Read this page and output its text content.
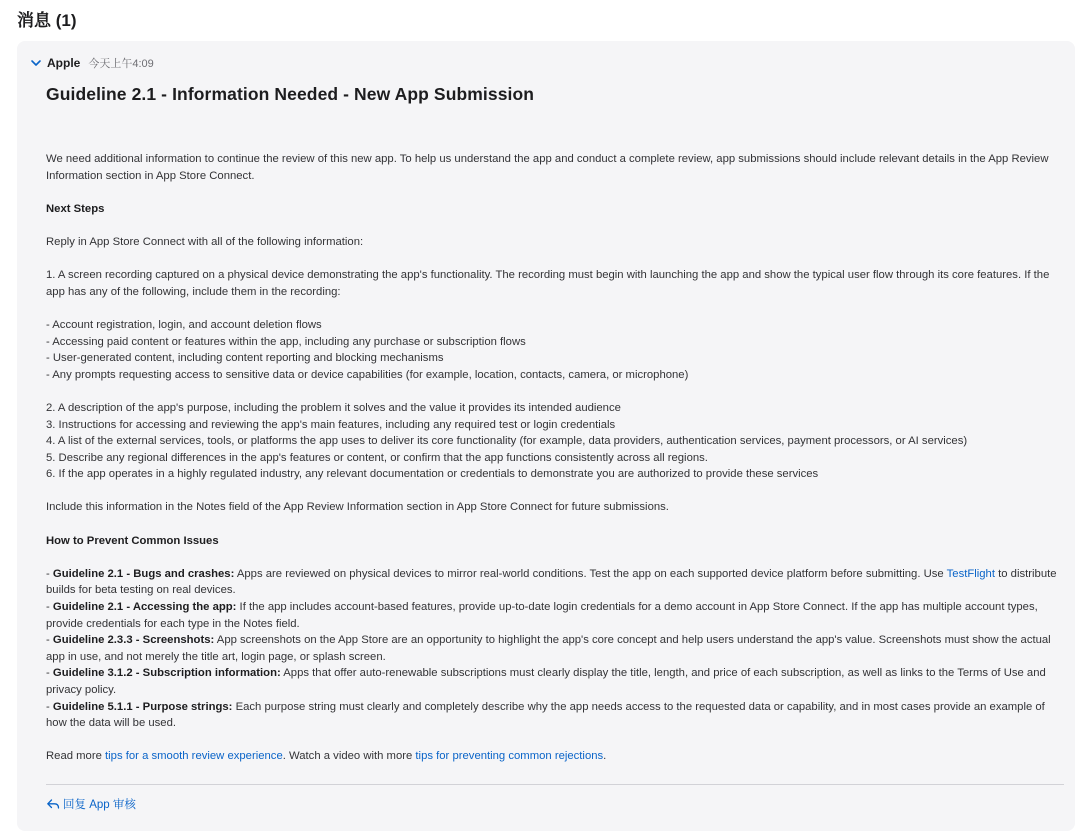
消息 (1)
Apple 今天上午4:09
Guideline 2.1 - Information Needed - New App Submission

We need additional information to continue the review of this new app. To help us understand the app and conduct a complete review, app submissions should include relevant details in the App Review Information section in App Store Connect.

Next Steps

Reply in App Store Connect with all of the following information:

1. A screen recording captured on a physical device demonstrating the app's functionality. The recording must begin with launching the app and show the typical user flow through its core features. If the app has any of the following, include them in the recording:

- Account registration, login, and account deletion flows
- Accessing paid content or features within the app, including any purchase or subscription flows
- User-generated content, including content reporting and blocking mechanisms

- Any prompts requesting access to sensitive data or device capabilities (for example, location, contacts, camera, or microphone)

2. A description of the app's purpose, including the problem it solves and the value it provides its intended audience
3. Instructions for accessing and reviewing the app's main features, including any required test or login credentials
4. A list of the external services, tools, or platforms the app uses to deliver its core functionality (for example, data providers, authentication services, payment processors, or AI services)
5. Describe any regional differences in the app's features or content, or confirm that the app functions consistently across all regions.

6. If the app operates in a highly regulated industry, any relevant documentation or credentials to demonstrate you are authorized to provide these services

Include this information in the Notes field of the App Review Information section in App Store Connect for future submissions.

How to Prevent Common Issues

- Guideline 2.1 - Bugs and crashes: Apps are reviewed on physical devices to mirror real-world conditions. Test the app on each supported device platform before submitting. Use TestFlight to distribute builds for beta testing on real devices.
- Guideline 2.1 - Accessing the app: If the app includes account-based features, provide up-to-date login credentials for a demo account in App Store Connect. If the app has multiple account types, provide credentials for each type in the Notes field.
- Guideline 2.3.3 - Screenshots: App screenshots on the App Store are an opportunity to highlight the app's core concept and help users understand the app's value. Screenshots must show the actual app in use, and not merely the title art, login page, or splash screen.
- Guideline 3.1.2 - Subscription information: Apps that offer auto-renewable subscriptions must clearly display the title, length, and price of each subscription, as well as links to the Terms of Use and privacy policy.

- Guideline 5.1.1 - Purpose strings: Each purpose string must clearly and completely describe why the app needs access to the requested data or capability, and in most cases provide an example of how the data will be used.

Read more tips for a smooth review experience. Watch a video with more tips for preventing common rejections.

回复 App 审核
